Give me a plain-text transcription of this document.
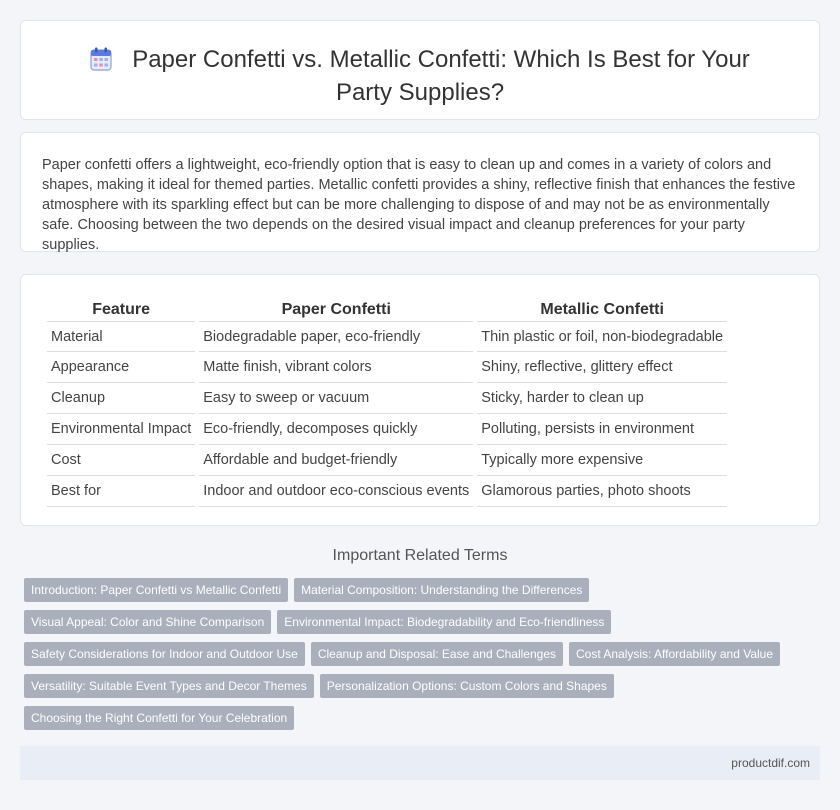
Paper Confetti vs. Metallic Confetti: Which Is Best for Your Party Supplies?

Paper confetti offers a lightweight, eco-friendly option that is easy to clean up and comes in a variety of colors and shapes, making it ideal for themed parties. Metallic confetti provides a shiny, reflective finish that enhances the festive atmosphere with its sparkling effect but can be more challenging to dispose of and may not be as environmentally safe. Choosing between the two depends on the desired visual impact and cleanup preferences for your party supplies.

Feature	Paper Confetti	Metallic Confetti
Material	Biodegradable paper, eco-friendly	Thin plastic or foil, non-biodegradable
Appearance	Matte finish, vibrant colors	Shiny, reflective, glittery effect
Cleanup	Easy to sweep or vacuum	Sticky, harder to clean up
Environmental Impact	Eco-friendly, decomposes quickly	Polluting, persists in environment
Cost	Affordable and budget-friendly	Typically more expensive
Best for	Indoor and outdoor eco-conscious events	Glamorous parties, photo shoots
Important Related Terms
Introduction: Paper Confetti vs Metallic Confetti	Material Composition: Understanding the Differences
Visual Appeal: Color and Shine Comparison	Environmental Impact: Biodegradability and Eco-friendliness
Safety Considerations for Indoor and Outdoor Use	Cleanup and Disposal: Ease and Challenges	Cost Analysis: Affordability and Value
Versatility: Suitable Event Types and Decor Themes	Personalization Options: Custom Colors and Shapes
Choosing the Right Confetti for Your Celebration
productdif.com
